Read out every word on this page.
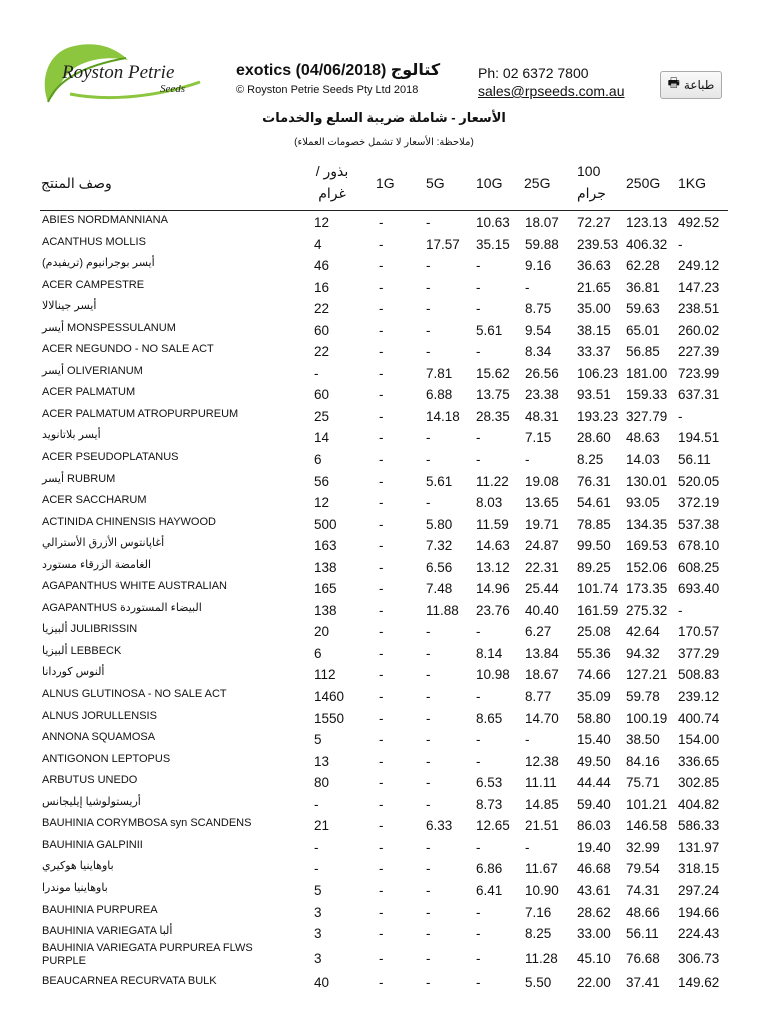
Royston Petrie
Seeds
exotics (04/06/2018) كتالوج
© Royston Petrie Seeds Pty Ltd 2018
Ph: 02 6372 7800
sales@rpseeds.com.au
🖶 طباعة
الأسعار - شاملة ضريبة السلع والخدمات
(ملاحظة: الأسعار لا تشمل خصومات العملاء)
وصف المنتج
بذور / غرام
1G 5G 10G 25G
100 جرام
250G 1KG
ABIES NORDMANNIANA	12	-	-	10.63 18.07 72.27 123.13 492.52
ACANTHUS MOLLIS	4	-	17.57 35.15 59.88 239.53 406.32 -
(أيسر بوجرانيوم (تريفيدم	46	-	-	-	9.16 36.63 62.28 249.12
ACER CAMPESTRE	16	-	-	-	-	21.65 36.81 147.23
أيسر جينالالا	22	-	-	-	8.75 35.00 59.63 238.51
أيسر MONSPESSULANUM	60	-	-	5.61 9.54 38.15 65.01 260.02
ACER NEGUNDO - NO SALE ACT	22	-	-	-	8.34 33.37 56.85 227.39
أيسر OLIVERIANUM	-	-	7.81 15.62 26.56 106.23 181.00 723.99
ACER PALMATUM	60	-	6.88 13.75 23.38 93.51 159.33 637.31
ACER PALMATUM ATROPURPUREUM	25	-	14.18 28.35 48.31 193.23 327.79 -
أيسر بلاتانويد	14	-	-	-	7.15 28.60 48.63 194.51
ACER PSEUDOPLATANUS	6	-	-	-	-	8.25 14.03 56.11
أيسر RUBRUM	56	-	5.61 11.22 19.08 76.31 130.01 520.05
ACER SACCHARUM	12	-	-	8.03 13.65 54.61 93.05 372.19
ACTINIDA CHINENSIS HAYWOOD	500	-	5.80 11.59 19.71 78.85 134.35 537.38
أغاپانتوس الأزرق الأسترالي	163	-	7.32 14.63 24.87 99.50 169.53 678.10
الغامضة الزرقاء مستورد	138	-	6.56 13.12 22.31 89.25 152.06 608.25
AGAPANTHUS WHITE AUSTRALIAN	165	-	7.48 14.96 25.44 101.74 173.35 693.40
AGAPANTHUS البيضاء المستوردة	138	-	11.88 23.76 40.40 161.59 275.32 -
ألبيزيا JULIBRISSIN	20	-	-	-	6.27 25.08 42.64 170.57
ألبيزيا LEBBECK	6	-	-	8.14 13.84 55.36 94.32 377.29
ألنوس كوردانا	112	-	-	10.98 18.67 74.66 127.21 508.83
ALNUS GLUTINOSA - NO SALE ACT	1460	-	-	-	8.77 35.09 59.78 239.12
ALNUS JORULLENSIS	1550	-	-	8.65 14.70 58.80 100.19 400.74
ANNONA SQUAMOSA	5	-	-	-	-	15.40 38.50 154.00
ANTIGONON LEPTOPUS	13	-	-	-	12.38 49.50 84.16 336.65
ARBUTUS UNEDO	80	-	-	6.53 11.11 44.44 75.71 302.85
أريستولوشيا إيليجانس	-	-	-	8.73 14.85 59.40 101.21 404.82
BAUHINIA CORYMBOSA syn SCANDENS	21	-	6.33 12.65 21.51 86.03 146.58 586.33
BAUHINIA GALPINII	-	-	-	-	-	19.40 32.99 131.97
باوهاينيا هوكيري	-	-	-	6.86 11.67 46.68 79.54 318.15
باوهاينيا موندرا	5	-	-	6.41 10.90 43.61 74.31 297.24
BAUHINIA PURPUREA	3	-	-	-	7.16 28.62 48.66 194.66
BAUHINIA VARIEGATA ألبا	3	-	-	-	8.25 33.00 56.11 224.43
BAUHINIA VARIEGATA PURPUREA FLWS PURPLE	3	-	-	-	11.28 45.10 76.68 306.73
BEAUCARNEA RECURVATA BULK	40	-	-	-	5.50 22.00 37.41 149.62
